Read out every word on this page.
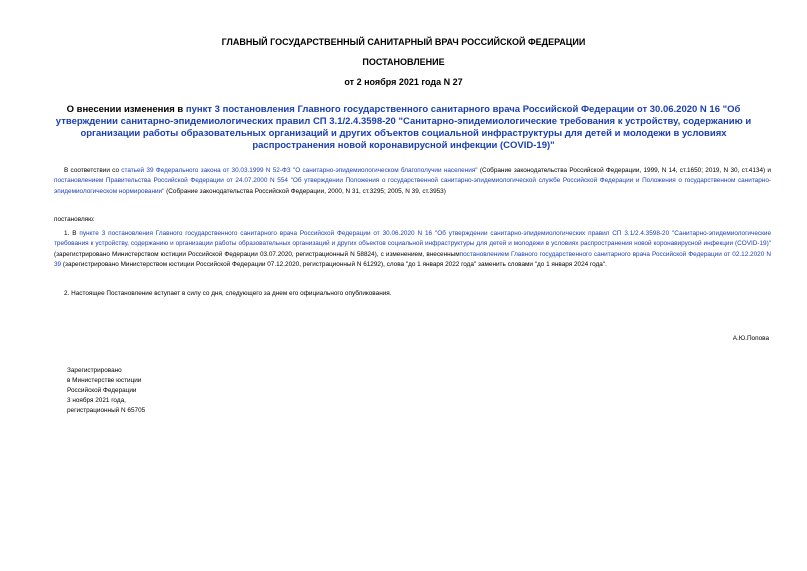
ГЛАВНЫЙ ГОСУДАРСТВЕННЫЙ САНИТАРНЫЙ ВРАЧ РОССИЙСКОЙ ФЕДЕРАЦИИ
ПОСТАНОВЛЕНИЕ
от 2 ноября 2021 года N 27
О внесении изменения в пункт 3 постановления Главного государственного санитарного врача Российской Федерации от 30.06.2020 N 16 "Об утверждении санитарно-эпидемиологических правил СП 3.1/2.4.3598-20 "Санитарно-эпидемиологические требования к устройству, содержанию и организации работы образовательных организаций и других объектов социальной инфраструктуры для детей и молодежи в условиях распространения новой коронавирусной инфекции (COVID-19)"
В соответствии со статьей 39 Федерального закона от 30.03.1999 N 52-ФЗ "О санитарно-эпидемиологическом благополучии населения" (Собрание законодательства Российской Федерации, 1999, N 14, ст.1650; 2019, N 30, ст.4134) и постановлением Правительства Российской Федерации от 24.07.2000 N 554 "Об утверждении Положения о государственной санитарно-эпидемиологической службе Российской Федерации и Положения о государственном санитарно-эпидемиологическом нормировании" (Собрание законодательства Российской Федерации, 2000, N 31, ст.3295; 2005, N 39, ст.3953)
постановляю:
1. В пункте 3 постановления Главного государственного санитарного врача Российской Федерации от 30.06.2020 N 16 "Об утверждении санитарно-эпидемиологических правил СП 3.1/2.4.3598-20 "Санитарно-эпидемиологические требования к устройству, содержанию и организации работы образовательных организаций и других объектов социальной инфраструктуры для детей и молодежи в условиях распространения новой коронавирусной инфекции (COVID-19)" (зарегистрировано Министерством юстиции Российской Федерации 03.07.2020, регистрационный N 58824), с изменением, внесеннымпостановлением Главного государственного санитарного врача Российской Федерации от 02.12.2020 N 39 (зарегистрировано Министерством юстиции Российской Федерации 07.12.2020, регистрационный N 61292), слова "до 1 января 2022 года" заменить словами "до 1 января 2024 года".
2. Настоящее Постановление вступает в силу со дня, следующего за днем его официального опубликования.
А.Ю.Попова
Зарегистрировано
в Министерстве юстиции
Российской Федерации
3 ноября 2021 года,
регистрационный N 65705
